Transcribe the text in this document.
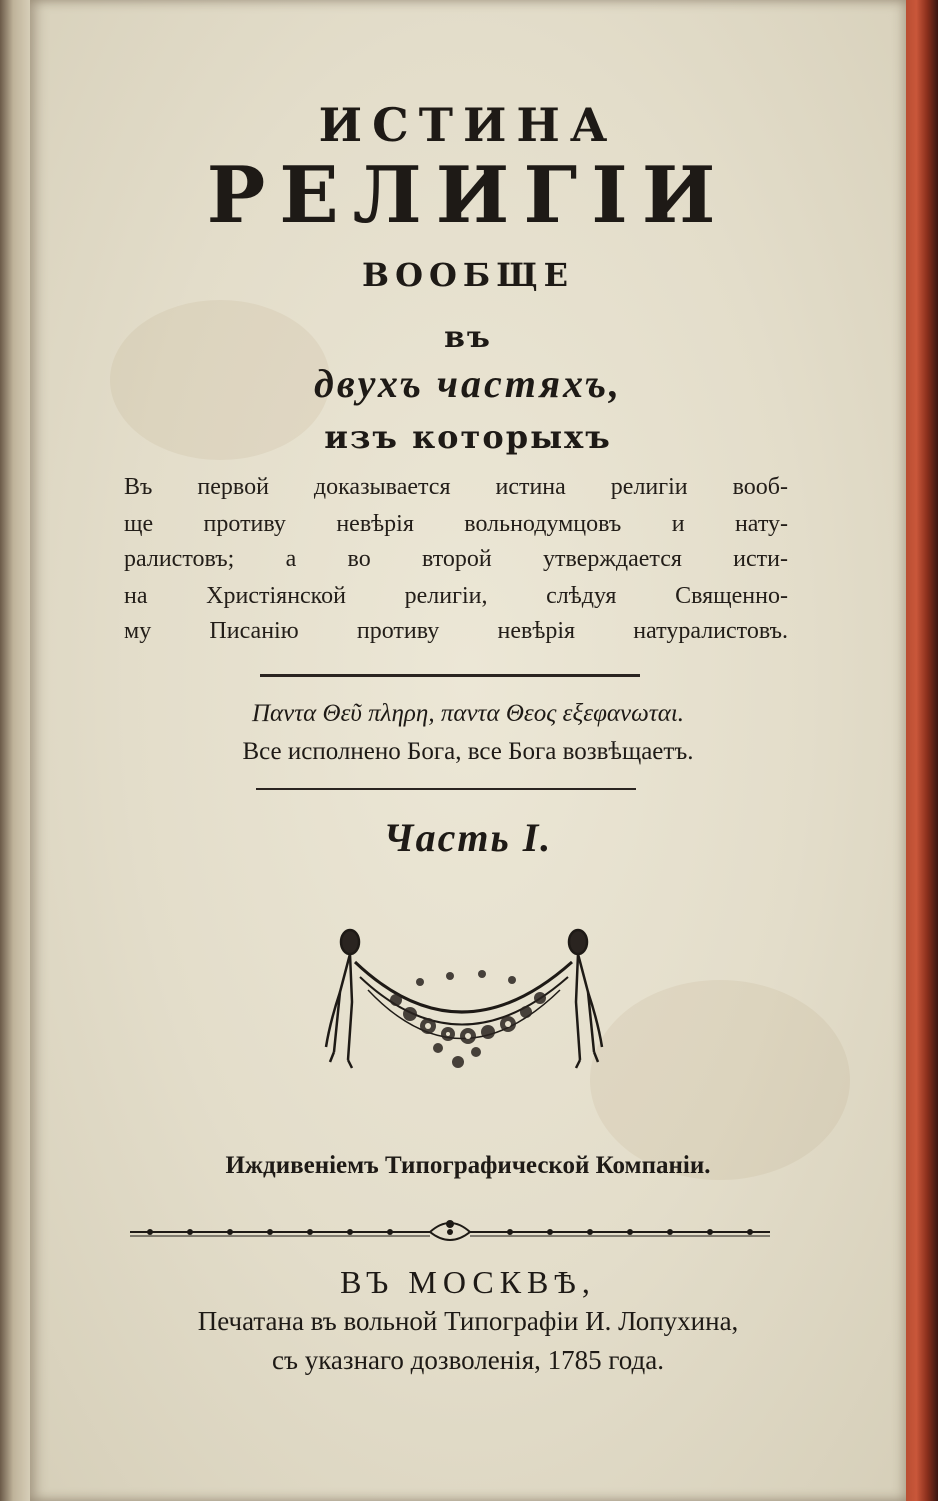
ИСТИНА
РЕЛИГІИ
ВООБЩЕ
въ
двухъ частяхъ,
изъ которыхъ
Въ первой доказывается истина религіи вооб-
ще противу невѣрія вольнодумцовъ и нату-
ралистовъ; а во второй утверждается исти-
на Христіянской религіи, слѣдуя Священно-
му Писанію противу невѣрія натуралистовъ.
Παντα Θεῦ πληρη, παντα Θεος εξεφανωται.
Все исполнено Бога, все Бога возвѣщаетъ.
Часть I.
Иждивеніемъ Типографической Компаніи.
ВЪ МОСКВѢ,
Печатана въ вольной Типографіи И. Лопухина,
съ указнаго дозволенія, 1785 года.
